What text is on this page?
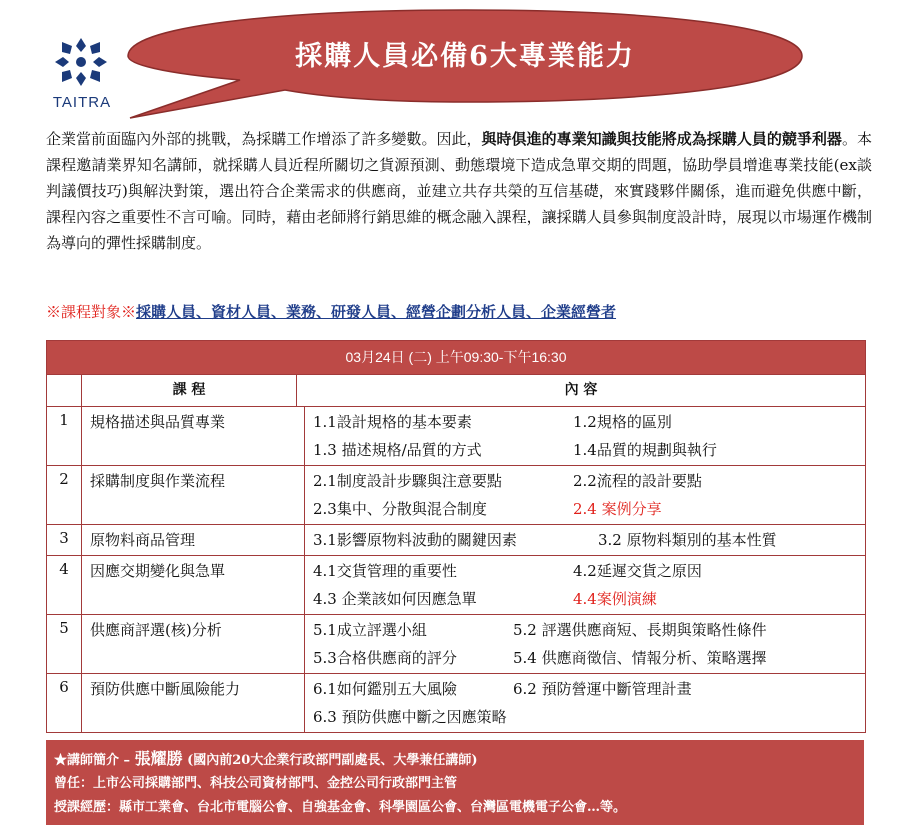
TAITRA
採購人員必備6大專業能力
企業當前面臨內外部的挑戰，為採購工作增添了許多變數。因此，與時俱進的專業知識與技能將成為採購人員的競爭利器。本課程邀請業界知名講師，就採購人員近程所關切之貨源預測、動態環境下造成急單交期的問題，協助學員增進專業技能(ex談判議價技巧)與解決對策，選出符合企業需求的供應商，並建立共存共榮的互信基礎，來實踐夥伴關係，進而避免供應中斷，課程內容之重要性不言可喻。同時，藉由老師將行銷思維的概念融入課程，讓採購人員參與制度設計時，展現以市場運作機制為導向的彈性採購制度。
※課程對象※採購人員、資材人員、業務、研發人員、經營企劃分析人員、企業經營者
03月24日 (二) 上午09:30-下午16:30
課 程	內 容
1	規格描述與品質專業	1.1設計規格的基本要素	1.2規格的區別
1.3 描述規格/品質的方式	1.4品質的規劃與執行
2	採購制度與作業流程	2.1制度設計步驟與注意要點	2.2流程的設計要點
2.3集中、分散與混合制度	2.4 案例分享
3	原物料商品管理	3.1影響原物料波動的關鍵因素	3.2 原物料類別的基本性質
4	因應交期變化與急單	4.1交貨管理的重要性	4.2延遲交貨之原因
4.3 企業該如何因應急單	4.4案例演練
5	供應商評選(核)分析	5.1成立評選小組	5.2 評選供應商短、長期與策略性條件
5.3合格供應商的評分	5.4 供應商徵信、情報分析、策略選擇
6	預防供應中斷風險能力	6.1如何鑑別五大風險	6.2 預防營運中斷管理計畫
6.3 預防供應中斷之因應策略
★講師簡介 – 張耀勝 (國內前20大企業行政部門副處長、大學兼任講師)
曾任：上市公司採購部門、科技公司資材部門、金控公司行政部門主管
授課經歷：縣市工業會、台北市電腦公會、自強基金會、科學園區公會、台灣區電機電子公會…等。
